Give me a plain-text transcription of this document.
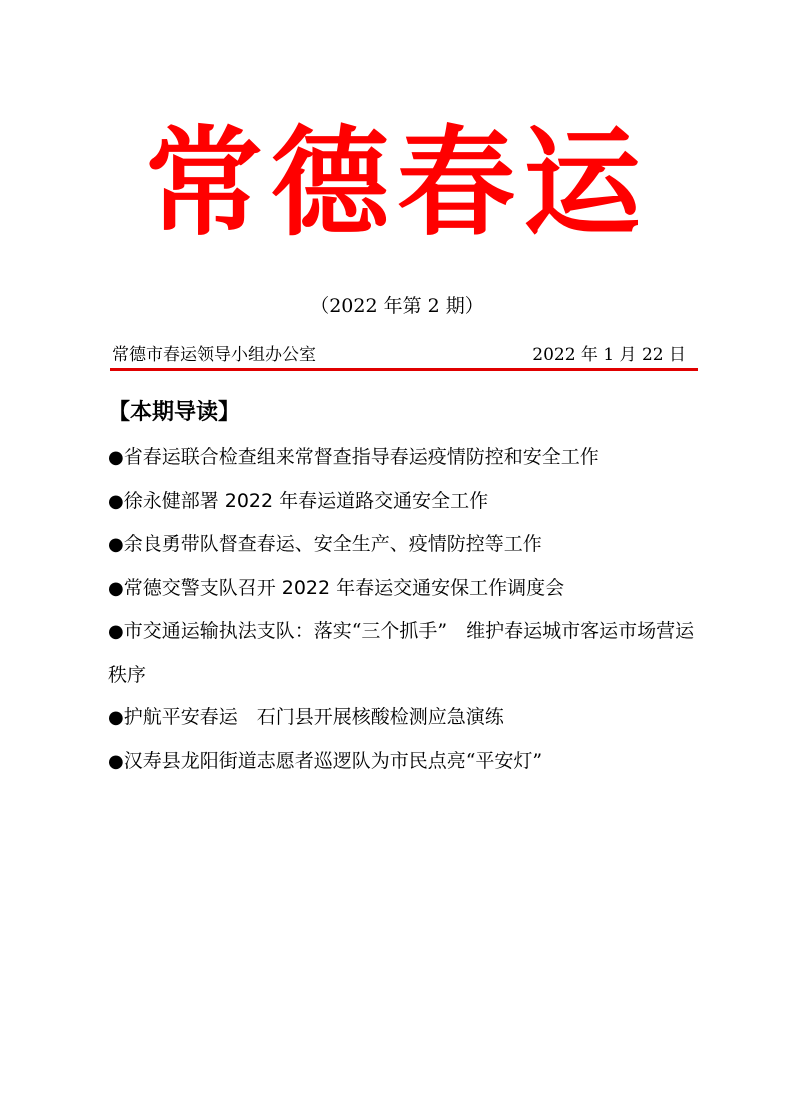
常德春运
（2022 年第 2 期）
常德市春运领导小组办公室	2022 年 1 月 22 日
【本期导读】
●省春运联合检查组来常督查指导春运疫情防控和安全工作
●徐永健部署 2022 年春运道路交通安全工作
●余良勇带队督查春运、安全生产、疫情防控等工作
●常德交警支队召开 2022 年春运交通安保工作调度会
●市交通运输执法支队：落实“三个抓手”　维护春运城市客运市场营运秩序
●护航平安春运　石门县开展核酸检测应急演练
●汉寿县龙阳街道志愿者巡逻队为市民点亮“平安灯”
